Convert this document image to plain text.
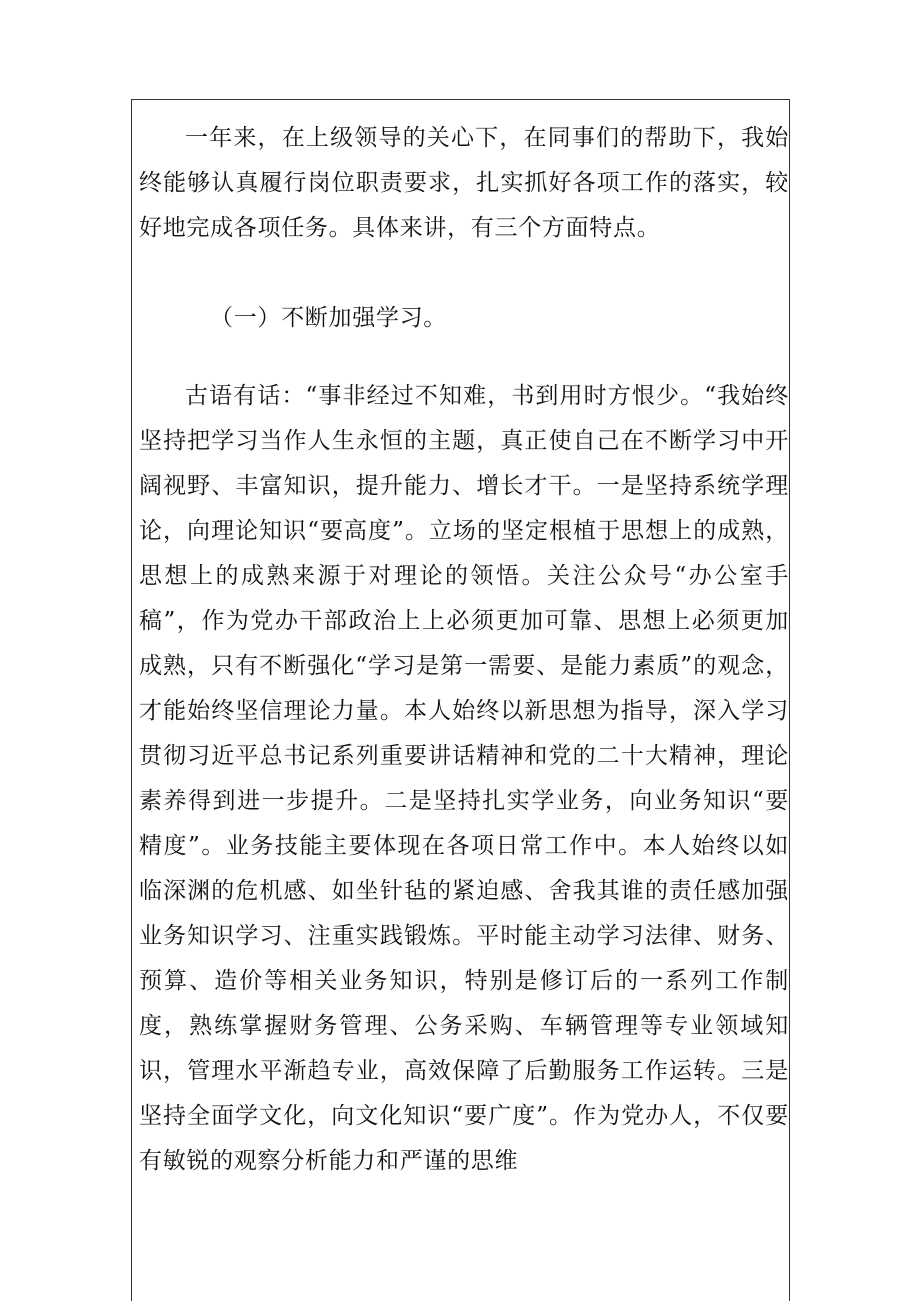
一年来，在上级领导的关心下，在同事们的帮助下，我始终能够认真履行岗位职责要求，扎实抓好各项工作的落实，较好地完成各项任务。具体来讲，有三个方面特点。

（一）不断加强学习。

古语有话：“事非经过不知难，书到用时方恨少。“我始终坚持把学习当作人生永恒的主题，真正使自己在不断学习中开阔视野、丰富知识，提升能力、增长才干。一是坚持系统学理论，向理论知识“要高度”。立场的坚定根植于思想上的成熟，思想上的成熟来源于对理论的领悟。关注公众号“办公室手稿”，作为党办干部政治上上必须更加可靠、思想上必须更加成熟，只有不断强化“学习是第一需要、是能力素质”的观念，才能始终坚信理论力量。本人始终以新思想为指导，深入学习贯彻习近平总书记系列重要讲话精神和党的二十大精神，理论素养得到进一步提升。二是坚持扎实学业务，向业务知识“要精度”。业务技能主要体现在各项日常工作中。本人始终以如临深渊的危机感、如坐针毡的紧迫感、舍我其谁的责任感加强业务知识学习、注重实践锻炼。平时能主动学习法律、财务、预算、造价等相关业务知识，特别是修订后的一系列工作制度，熟练掌握财务管理、公务采购、车辆管理等专业领域知识，管理水平渐趋专业，高效保障了后勤服务工作运转。三是坚持全面学文化，向文化知识“要广度”。作为党办人，不仅要有敏锐的观察分析能力和严谨的思维
